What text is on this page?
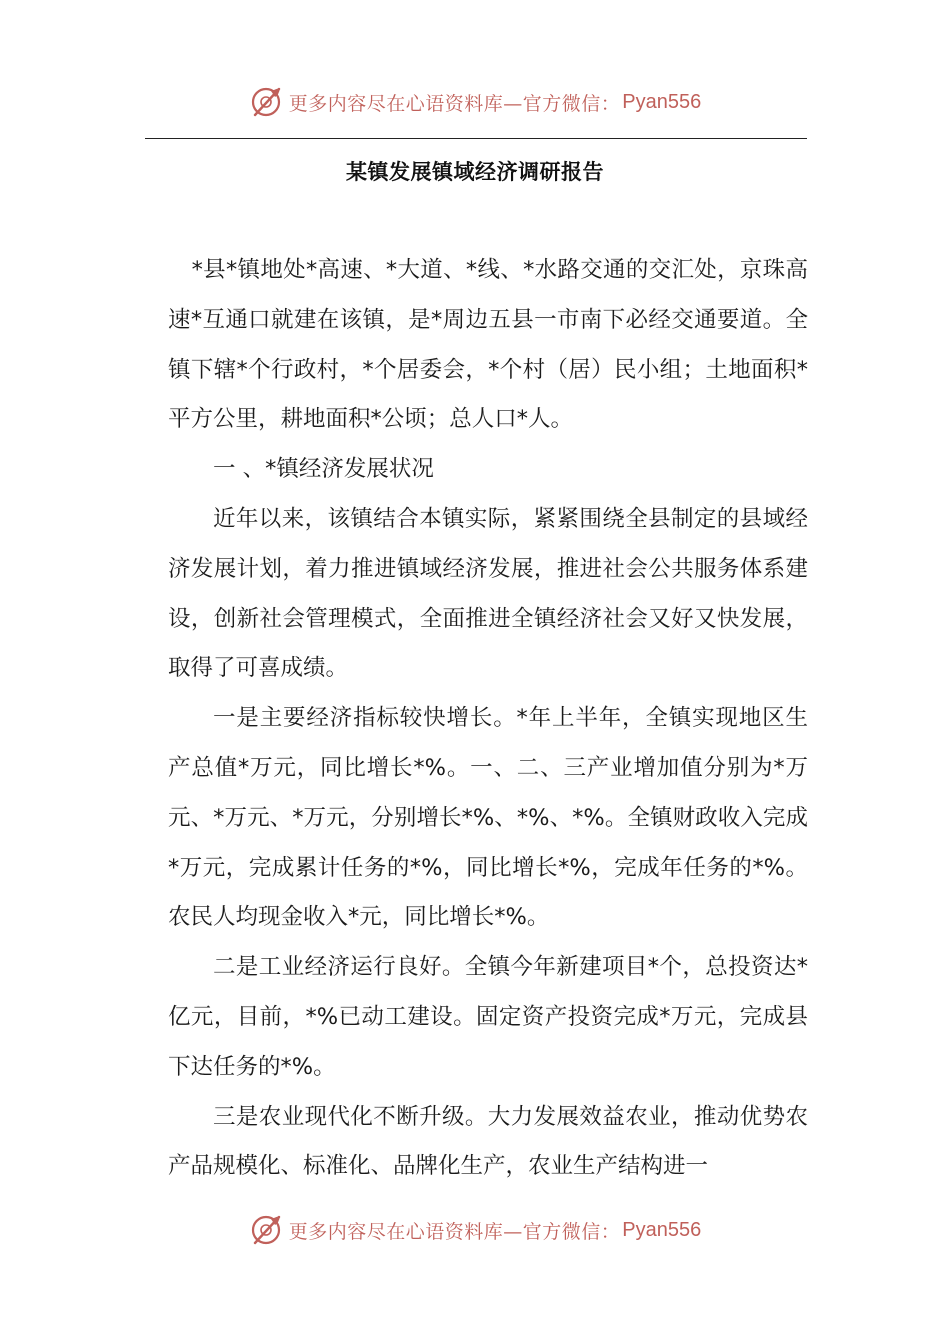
更多内容尽在心语资料库—官方微信： Pyan556
某镇发展镇域经济调研报告

*县*镇地处*高速、*大道、*线、*水路交通的交汇处，京珠高速*互通口就建在该镇，是*周边五县一市南下必经交通要道。全镇下辖*个行政村，*个居委会，*个村（居）民小组；土地面积*平方公里，耕地面积*公顷；总人口*人。

一 、*镇经济发展状况

近年以来，该镇结合本镇实际，紧紧围绕全县制定的县域经济发展计划，着力推进镇域经济发展，推进社会公共服务体系建设，创新社会管理模式，全面推进全镇经济社会又好又快发展，取得了可喜成绩。

一是主要经济指标较快增长。*年上半年，全镇实现地区生产总值*万元，同比增长*%。一、二、三产业增加值分别为*万元、*万元、*万元，分别增长*%、*%、*%。全镇财政收入完成*万元，完成累计任务的*%，同比增长*%，完成年任务的*%。农民人均现金收入*元，同比增长*%。

二是工业经济运行良好。全镇今年新建项目*个，总投资达*亿元，目前，*%已动工建设。固定资产投资完成*万元，完成县下达任务的*%。

三是农业现代化不断升级。大力发展效益农业，推动优势农产品规模化、标准化、品牌化生产，农业生产结构进一

更多内容尽在心语资料库—官方微信： Pyan556
